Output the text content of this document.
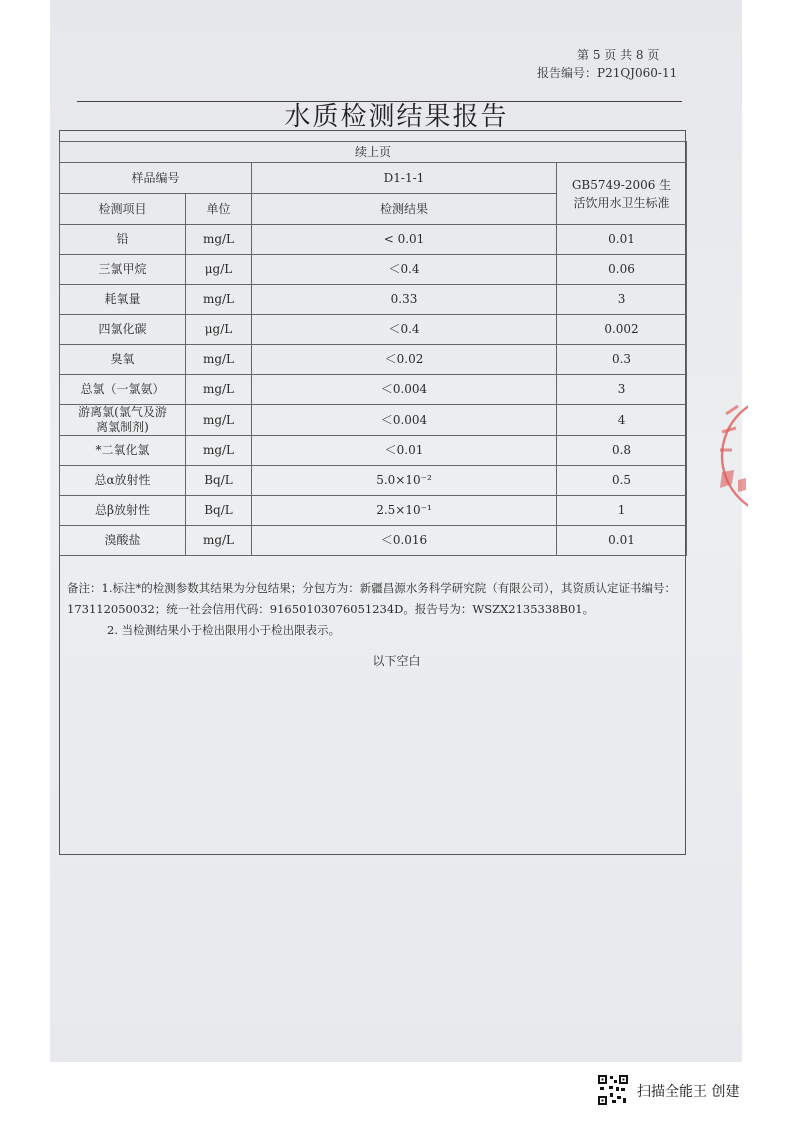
第 5 页 共 8 页
报告编号：P21QJ060-11
水质检测结果报告
续上页			
样品编号		D1-1-1	GB5749-2006 生活饮用水卫生标准
检测项目	单位	检测结果	
铅	mg/L	< 0.01	0.01
三氯甲烷	μg/L	＜0.4	0.06
耗氧量	mg/L	0.33	3
四氯化碳	μg/L	＜0.4	0.002
臭氧	mg/L	＜0.02	0.3
总氯（一氯氨）	mg/L	＜0.004	3
游离氯(氯气及游离氯制剂)	mg/L	＜0.004	4
*二氧化氯	mg/L	＜0.01	0.8
总α放射性	Bq/L	5.0×10⁻²	0.5
总β放射性	Bq/L	2.5×10⁻¹	1
溴酸盐	mg/L	＜0.016	0.01
备注：1.标注*的检测参数其结果为分包结果；分包方为：新疆昌源水务科学研究院（有限公司），其资质认定证书编号：173112050032；统一社会信用代码：91650103076051234D。报告号为：WSZX2135338B01。
2. 当检测结果小于检出限用小于检出限表示。
以下空白
扫描全能王 创建
